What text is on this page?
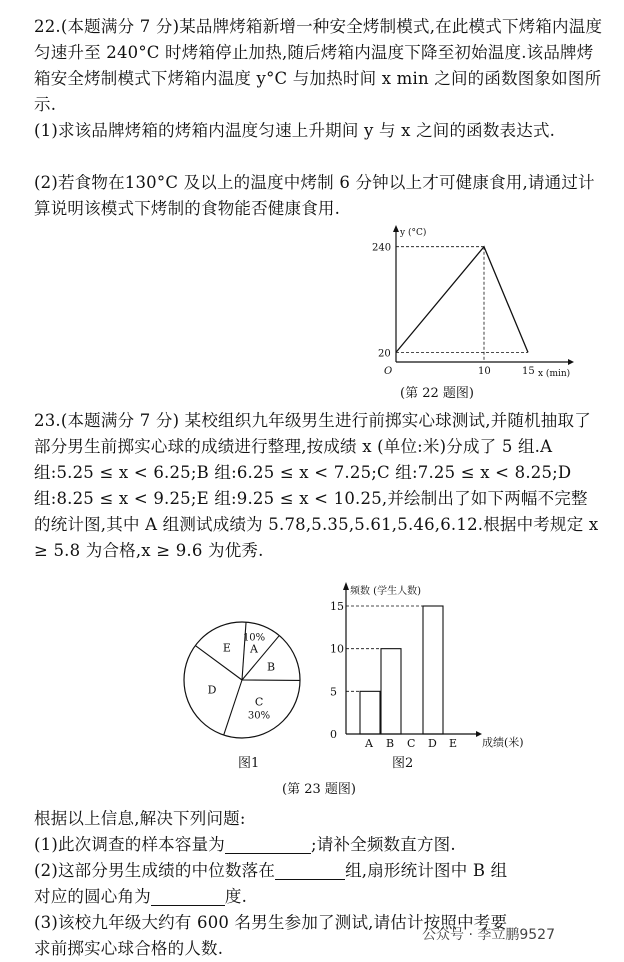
22.(本题满分 7 分)某品牌烤箱新增一种安全烤制模式,在此模式下烤箱内温度匀速升至 240°C 时烤箱停止加热,随后烤箱内温度下降至初始温度.该品牌烤箱安全烤制模式下烤箱内温度 y°C 与加热时间 x min 之间的函数图象如图所示.

(1)求该品牌烤箱的烤箱内温度匀速上升期间 y 与 x 之间的函数表达式.

(2)若食物在130°C 及以上的温度中烤制 6 分钟以上才可健康食用,请通过计算说明该模式下烤制的食物能否健康食用.

y (°C)
x (min)
O
240
20
10	15
(第 22 题图)

23.(本题满分 7 分) 某校组织九年级男生进行前掷实心球测试,并随机抽取了部分男生前掷实心球的成绩进行整理,按成绩 x (单位:米)分成了 5 组.A 组:5.25 ≤ x < 6.25;B 组:6.25 ≤ x < 7.25;C 组:7.25 ≤ x < 8.25;D 组:8.25 ≤ x < 9.25;E 组:9.25 ≤ x < 10.25,并绘制出了如下两幅不完整的统计图,其中 A 组测试成绩为 5.78,5.35,5.61,5.46,6.12.根据中考规定 x ≥ 5.8 为合格,x ≥ 9.6 为优秀.

A
10%
B
C
30%
D
E
图1
频数 (学生人数)
成绩(米)
0
5
10
15
A B C D E
图2
(第 23 题图)

根据以上信息,解决下列问题:

(1)此次调查的样本容量为	;请补全频数直方图.

(2)这部分男生成绩的中位数落在	组,扇形统计图中 B 组

对应的圆心角为	度.

(3)该校九年级大约有 600 名男生参加了测试,请估计按照中考要

求前掷实心球合格的人数.

公众号 · 李立鹏9527
